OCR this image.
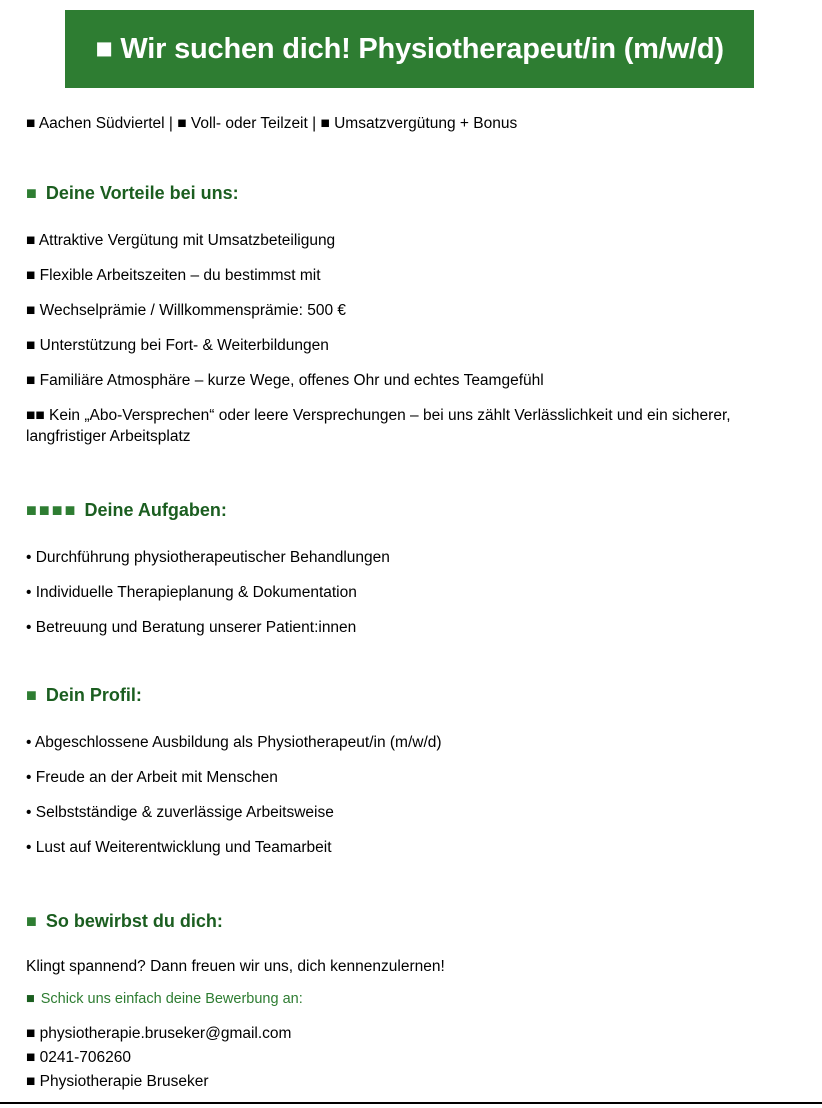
■ Wir suchen dich! Physiotherapeut/in (m/w/d)

■ Aachen Südviertel | ■ Voll- oder Teilzeit | ■ Umsatzvergütung + Bonus

■ Deine Vorteile bei uns:

■ Attraktive Vergütung mit Umsatzbeteiligung

■ Flexible Arbeitszeiten – du bestimmst mit

■ Wechselprämie / Willkommensprämie: 500 €

■ Unterstützung bei Fort- & Weiterbildungen

■ Familiäre Atmosphäre – kurze Wege, offenes Ohr und echtes Teamgefühl

■■ Kein „Abo-Versprechen“ oder leere Versprechungen – bei uns zählt Verlässlichkeit und ein sicherer, langfristiger Arbeitsplatz

■■■■ Deine Aufgaben:

• Durchführung physiotherapeutischer Behandlungen

• Individuelle Therapieplanung & Dokumentation

• Betreuung und Beratung unserer Patient:innen

■ Dein Profil:

• Abgeschlossene Ausbildung als Physiotherapeut/in (m/w/d)

• Freude an der Arbeit mit Menschen

• Selbstständige & zuverlässige Arbeitsweise

• Lust auf Weiterentwicklung und Teamarbeit

■ So bewirbst du dich:

Klingt spannend? Dann freuen wir uns, dich kennenzulernen!

■ Schick uns einfach deine Bewerbung an:

■ physiotherapie.bruseker@gmail.com

■ 0241-706260

■ Physiotherapie Bruseker
